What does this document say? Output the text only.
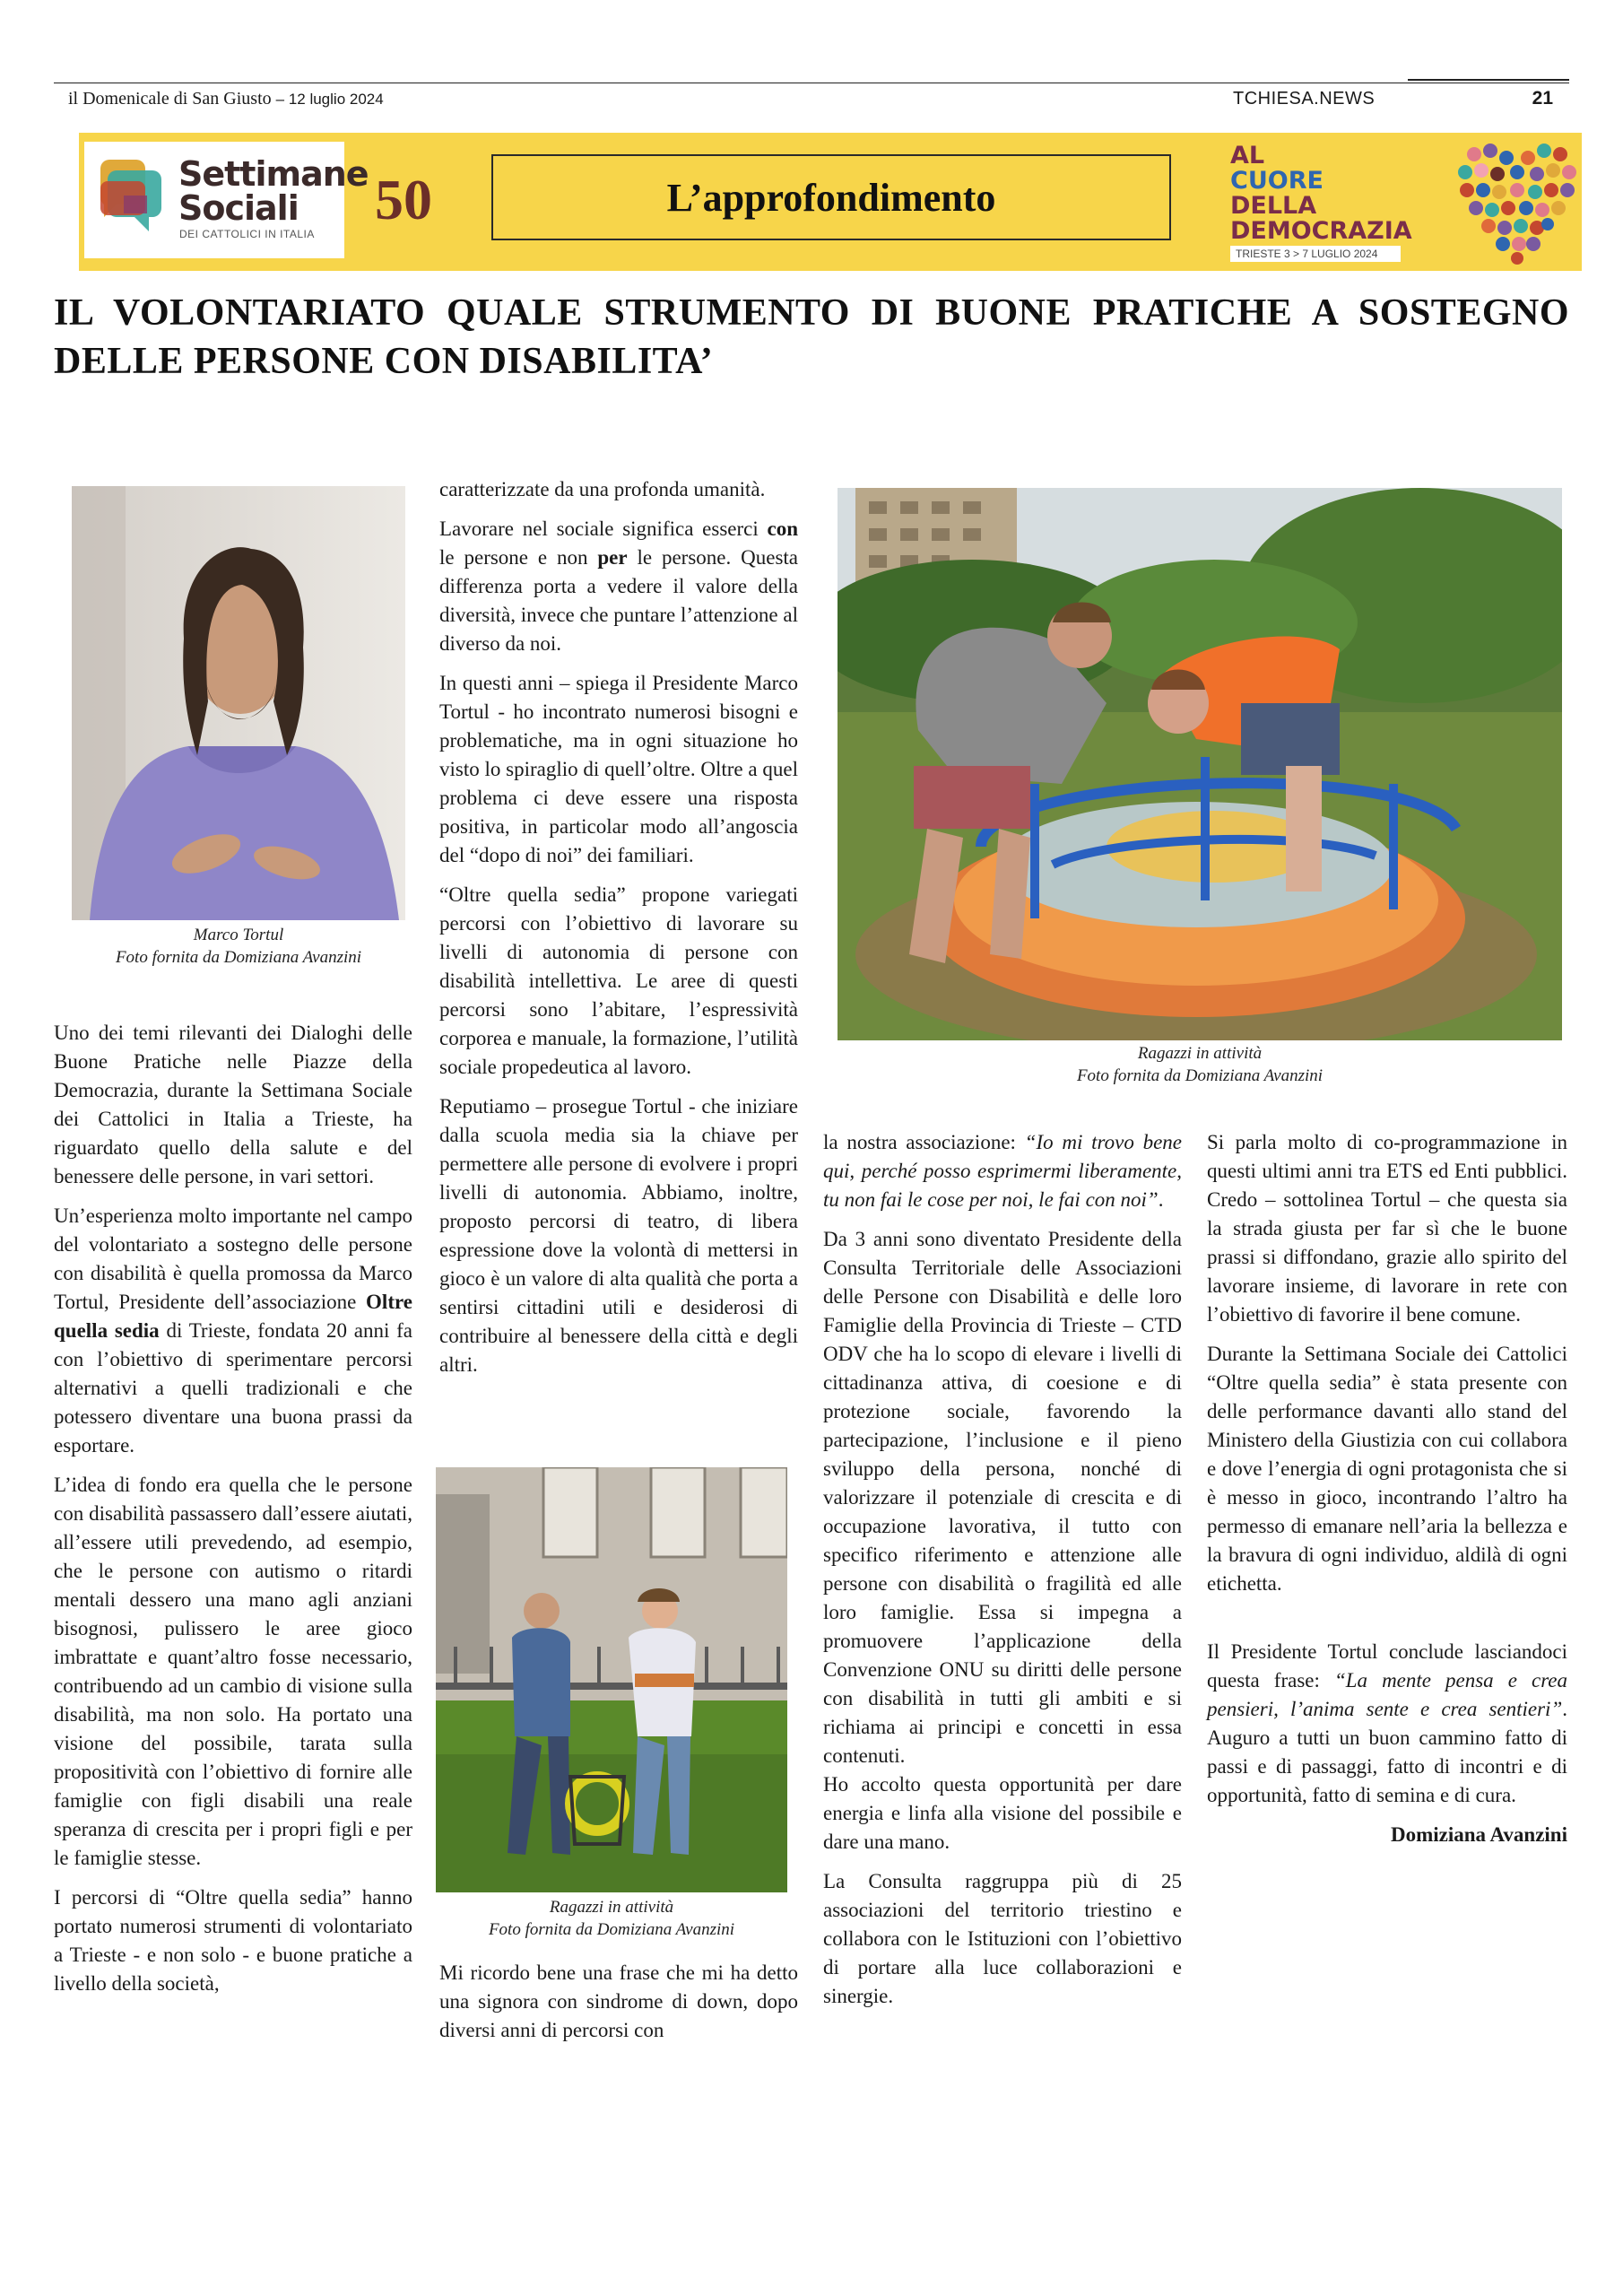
il Domenicale di San Giusto – 12 luglio 2024	TCHIESA.NEWS	21
Settimane
Sociali
DEI CATTOLICI IN ITALIA
50	L’approfondimento
AL
CUORE
DELLA
DEMOCRAZIA
TRIESTE 3 > 7 LUGLIO 2024
IL VOLONTARIATO QUALE STRUMENTO DI BUONE PRATICHE A SOSTEGNO DELLE PERSONE CON DISABILITA’
Marco Tortul
Foto fornita da Domiziana Avanzini
Ragazzi in attività
Foto fornita da Domiziana Avanzini
Ragazzi in attività
Foto fornita da Domiziana Avanzini

Uno dei temi rilevanti dei Dialoghi delle Buone Pratiche nelle Piazze della Democrazia, durante la Settimana Sociale dei Cattolici in Italia a Trieste, ha riguardato quello della salute e del benessere delle persone, in vari settori.

Un’esperienza molto importante nel campo del volontariato a sostegno delle persone con disabilità è quella promossa da Marco Tortul, Presidente dell’associazione Oltre quella sedia di Trieste, fondata 20 anni fa con l’obiettivo di sperimentare percorsi alternativi a quelli tradizionali e che potessero diventare una buona prassi da esportare.

L’idea di fondo era quella che le persone con disabilità passassero dall’essere aiutati, all’essere utili prevedendo, ad esempio, che le persone con autismo o ritardi mentali dessero una mano agli anziani bisognosi, pulissero le aree gioco imbrattate e quant’altro fosse necessario, contribuendo ad un cambio di visione sulla disabilità, ma non solo. Ha portato una visione del possibile, tarata sulla propositività con l’obiettivo di fornire alle famiglie con figli disabili una reale speranza di crescita per i propri figli e per le famiglie stesse.

I percorsi di “Oltre quella sedia” hanno portato numerosi strumenti di volontariato a Trieste - e non solo - e buone pratiche a livello della società,

caratterizzate da una profonda umanità.

Lavorare nel sociale significa esserci con le persone e non per le persone. Questa differenza porta a vedere il valore della diversità, invece che puntare l’attenzione al diverso da noi.

In questi anni – spiega il Presidente Marco Tortul - ho incontrato numerosi bisogni e problematiche, ma in ogni situazione ho visto lo spiraglio di quell’oltre. Oltre a quel problema ci deve essere una risposta positiva, in particolar modo all’angoscia del “dopo di noi” dei familiari.

“Oltre quella sedia” propone variegati percorsi con l’obiettivo di lavorare su livelli di autonomia di persone con disabilità intellettiva. Le aree di questi percorsi sono l’abitare, l’espressività corporea e manuale, la formazione, l’utilità sociale propedeutica al lavoro.

Reputiamo – prosegue Tortul - che iniziare dalla scuola media sia la chiave per permettere alle persone di evolvere i propri livelli di autonomia. Abbiamo, inoltre, proposto percorsi di teatro, di libera espressione dove la volontà di mettersi in gioco è un valore di alta qualità che porta a sentirsi cittadini utili e desiderosi di contribuire al benessere della città e degli altri.

Mi ricordo bene una frase che mi ha detto una signora con sindrome di down, dopo diversi anni di percorsi con

la nostra associazione: “Io mi trovo bene qui, perché posso esprimermi liberamente, tu non fai le cose per noi, le fai con noi”.

Da 3 anni sono diventato Presidente della Consulta Territoriale delle Associazioni delle Persone con Disabilità e delle loro Famiglie della Provincia di Trieste – CTD ODV che ha lo scopo di elevare i livelli di cittadinanza attiva, di coesione e di protezione sociale, favorendo la partecipazione, l’inclusione e il pieno sviluppo della persona, nonché di valorizzare il potenziale di crescita e di occupazione lavorativa, il tutto con specifico riferimento e attenzione alle persone con disabilità o fragilità ed alle loro famiglie. Essa si impegna a promuovere l’applicazione della Convenzione ONU su diritti delle persone con disabilità in tutti gli ambiti e si richiama ai principi e concetti in essa contenuti.

Ho accolto questa opportunità per dare energia e linfa alla visione del possibile e dare una mano.

La Consulta raggruppa più di 25 associazioni del territorio triestino e collabora con le Istituzioni con l’obiettivo di portare alla luce collaborazioni e sinergie.

Si parla molto di co-programmazione in questi ultimi anni tra ETS ed Enti pubblici. Credo – sottolinea Tortul – che questa sia la strada giusta per far sì che le buone prassi si diffondano, grazie allo spirito del lavorare insieme, di lavorare in rete con l’obiettivo di favorire il bene comune.

Durante la Settimana Sociale dei Cattolici “Oltre quella sedia” è stata presente con delle performance davanti allo stand del Ministero della Giustizia con cui collabora e dove l’energia di ogni protagonista che si è messo in gioco, incontrando l’altro ha permesso di emanare nell’aria la bellezza e la bravura di ogni individuo, aldilà di ogni etichetta.

Il Presidente Tortul conclude lasciandoci questa frase: “La mente pensa e crea pensieri, l’anima sente e crea sentieri”. Auguro a tutti un buon cammino fatto di passi e di passaggi, fatto di incontri e di opportunità, fatto di semina e di cura.

Domiziana Avanzini
